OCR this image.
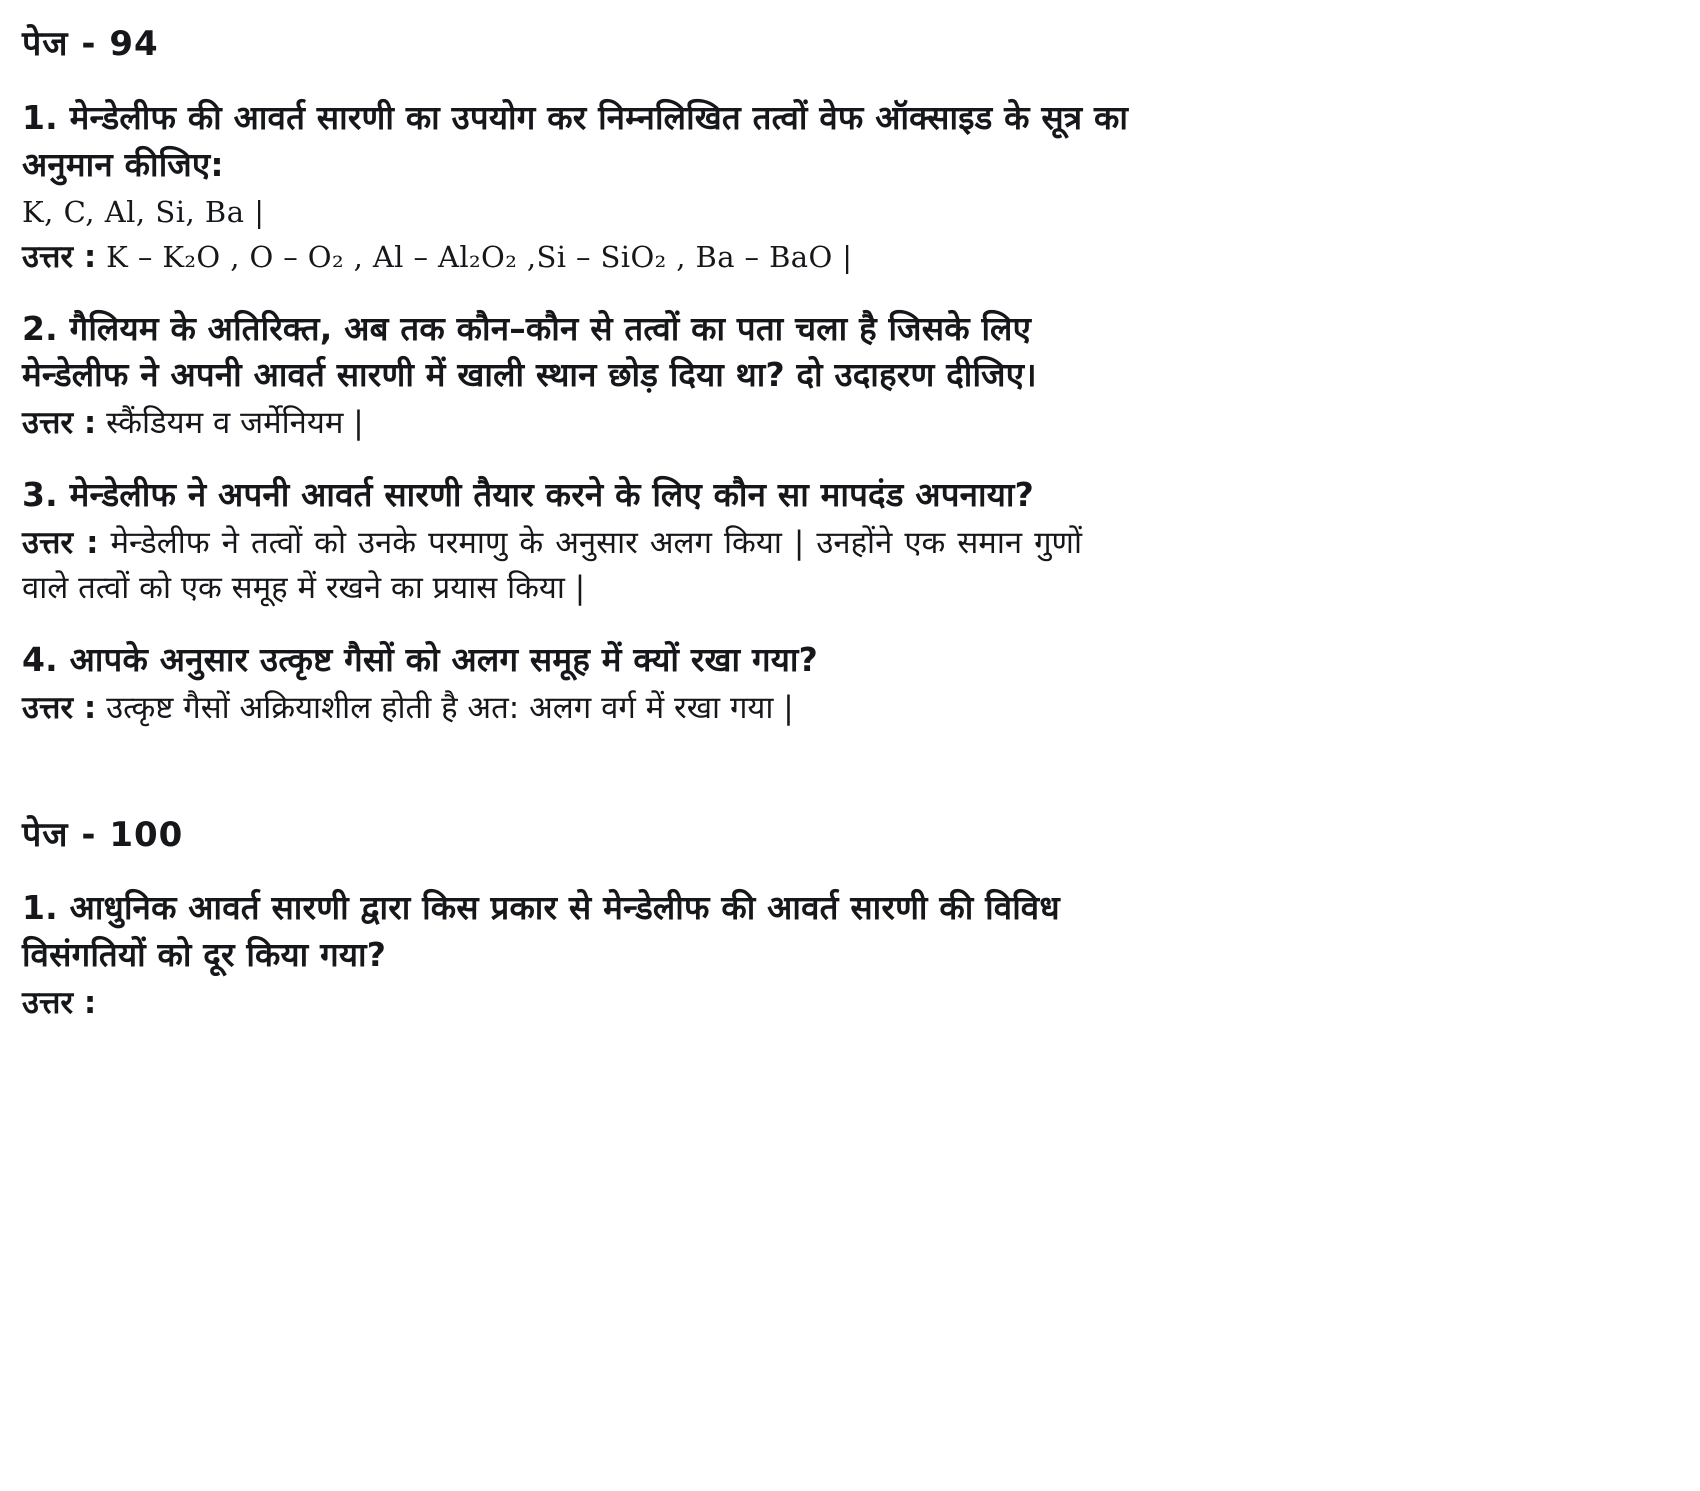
पेज - 94

1. मेन्डेलीफ की आवर्त सारणी का उपयोग कर निम्नलिखित तत्वों वेफ ऑक्साइड के सूत्र का अनुमान कीजिए:

K, C, Al, Si, Ba |

उत्तर : K – K₂O , O – O₂ , Al – Al₂O₂ ,Si – SiO₂ , Ba – BaO |

2. गैलियम के अतिरिक्त, अब तक कौन–कौन से तत्वों का पता चला है जिसके लिए मेन्डेलीफ ने अपनी आवर्त सारणी में खाली स्थान छोड़ दिया था? दो उदाहरण दीजिए।

उत्तर : स्कैंडियम व जर्मेनियम |

3. मेन्डेलीफ ने अपनी आवर्त सारणी तैयार करने के लिए कौन सा मापदंड अपनाया?

उत्तर : मेन्डेलीफ ने तत्वों को उनके परमाणु के अनुसार अलग किया | उनहोंने एक समान गुणों वाले तत्वों को एक समूह में रखने का प्रयास किया |

4. आपके अनुसार उत्कृष्ट गैसों को अलग समूह में क्यों रखा गया?

उत्तर : उत्कृष्ट गैसों अक्रियाशील होती है अत: अलग वर्ग में रखा गया |

पेज - 100

1. आधुनिक आवर्त सारणी द्वारा किस प्रकार से मेन्डेलीफ की आवर्त सारणी की विविध विसंगतियों को दूर किया गया?

उत्तर :
